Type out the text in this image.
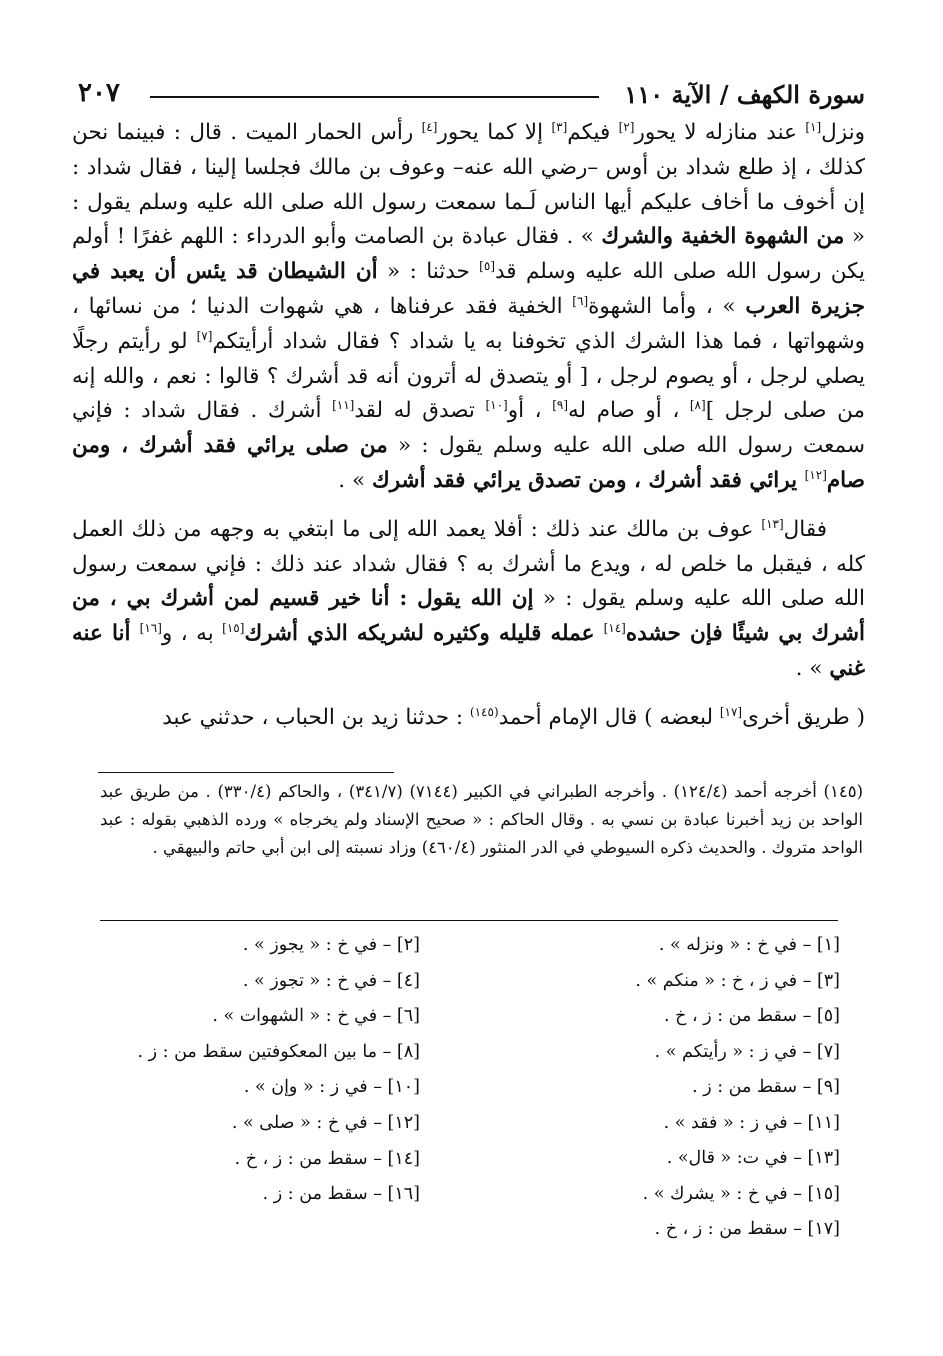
سورة الكهف / الآية ١١٠
٢٠٧

ونزل[١] عند منازله لا يحور[٢] فيكم[٣] إلا كما يحور[٤] رأس الحمار الميت . قال : فبينما نحن كذلك ، إذ طلع شداد بن أوس –رضي الله عنه– وعوف بن مالك فجلسا إلينا ، فقال شداد : إن أخوف ما أخاف عليكم أيها الناس لَـما سمعت رسول الله صلى الله عليه وسلم يقول : « من الشهوة الخفية والشرك » . فقال عبادة بن الصامت وأبو الدرداء : اللهم غفرًا ! أولم يكن رسول الله صلى الله عليه وسلم قد[٥] حدثنا : « أن الشيطان قد يئس أن يعبد في جزيرة العرب » ، وأما الشهوة[٦] الخفية فقد عرفناها ، هي شهوات الدنيا ؛ من نسائها ، وشهواتها ، فما هذا الشرك الذي تخوفنا به يا شداد ؟ فقال شداد أرأيتكم[٧] لو رأيتم رجلًا يصلي لرجل ، أو يصوم لرجل ، [ أو يتصدق له أترون أنه قد أشرك ؟ قالوا : نعم ، والله إنه من صلى لرجل ][٨] ، أو صام له[٩] ، أو[١٠] تصدق له لقد[١١] أشرك . فقال شداد : فإني سمعت رسول الله صلى الله عليه وسلم يقول : « من صلى يرائي فقد أشرك ، ومن صام[١٢] يرائي فقد أشرك ، ومن تصدق يرائي فقد أشرك » .

فقال[١٣] عوف بن مالك عند ذلك : أفلا يعمد الله إلى ما ابتغي به وجهه من ذلك العمل كله ، فيقبل ما خلص له ، ويدع ما أشرك به ؟ فقال شداد عند ذلك : فإني سمعت رسول الله صلى الله عليه وسلم يقول : « إن الله يقول : أنا خير قسيم لمن أشرك بي ، من أشرك بي شيئًا فإن حشده[١٤] عمله قليله وكثيره لشريكه الذي أشرك[١٥] به ، و[١٦] أنا عنه غني » .

( طريق أخرى[١٧] لبعضه ) قال الإمام أحمد$^{(١٤٥)}$ : حدثنا زيد بن الحباب ، حدثني عبد

(١٤٥) أخرجه أحمد (١٢٤/٤) . وأخرجه الطبراني في الكبير (٧١٤٤) (٣٤١/٧) ، والحاكم (٣٣٠/٤) . من طريق عبد الواحد بن زيد أخبرنا عبادة بن نسي به . وقال الحاكم : « صحيح الإسناد ولم يخرجاه » ورده الذهبي بقوله : عبد الواحد متروك . والحديث ذكره السيوطي في الدر المنثور (٤٦٠/٤) وزاد نسبته إلى ابن أبي حاتم والبيهقي .
[١] – في خ : « ونزله » .
[٣] – في ز ، خ : « منكم » .
[٥] – سقط من : ز ، خ .
[٧] – في ز : « رأيتكم » .
[٩] – سقط من : ز .
[١١] – في ز : « فقد » .
[١٣] – في ت: « قال» .
[١٥] – في خ : « يشرك » .
[١٧] – سقط من : ز ، خ .
[٢] – في خ : « يجوز » .
[٤] – في خ : « تجوز » .
[٦] – في خ : « الشهوات » .
[٨] – ما بين المعكوفتين سقط من : ز .
[١٠] – في ز : « وإن » .
[١٢] – في خ : « صلى » .
[١٤] – سقط من : ز ، خ .
[١٦] – سقط من : ز .
